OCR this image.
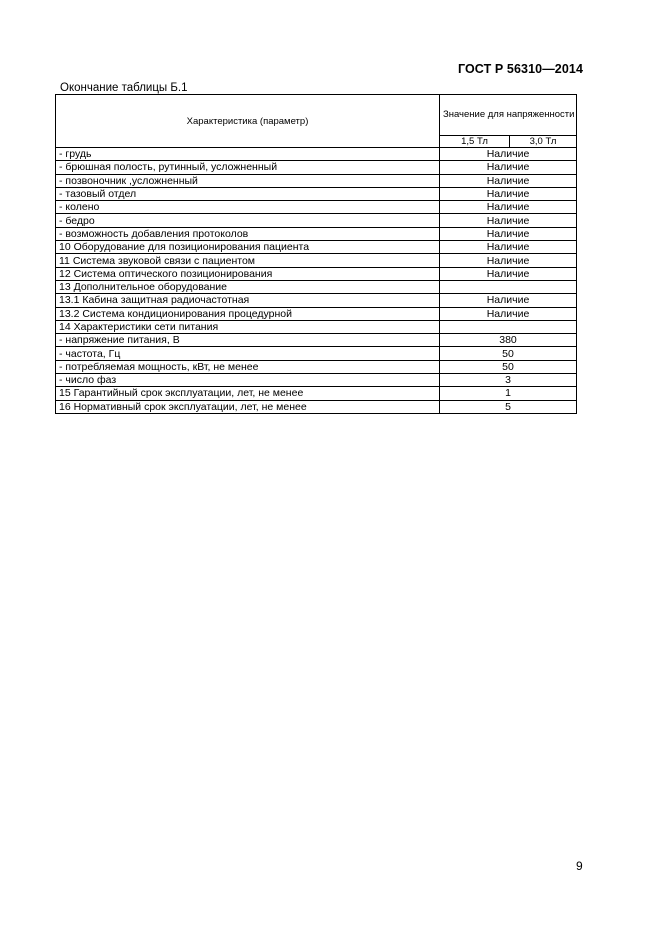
ГОСТ Р 56310—2014
Окончание таблицы Б.1
Характеристика (параметр)	Значение для напряженности	
	1,5 Тл	3,0 Тл
- грудь	Наличие	
- брюшная полость, рутинный, усложненный	Наличие	
- позвоночник ,усложненный	Наличие	
- тазовый отдел	Наличие	
- колено	Наличие	
- бедро	Наличие	
- возможность добавления протоколов	Наличие	
10 Оборудование для позиционирования пациента	Наличие	
11 Система звуковой связи с пациентом	Наличие	
12 Система оптического позиционирования	Наличие	
13 Дополнительное оборудование		
13.1 Кабина защитная радиочастотная	Наличие	
13.2 Система кондиционирования процедурной	Наличие	
14 Характеристики сети питания		
- напряжение питания, В	380	
- частота, Гц	50	
- потребляемая мощность, кВт, не менее	50	
- число фаз	3	
15 Гарантийный срок эксплуатации, лет, не менее	1	
16 Нормативный срок эксплуатации, лет, не менее	5	
9
